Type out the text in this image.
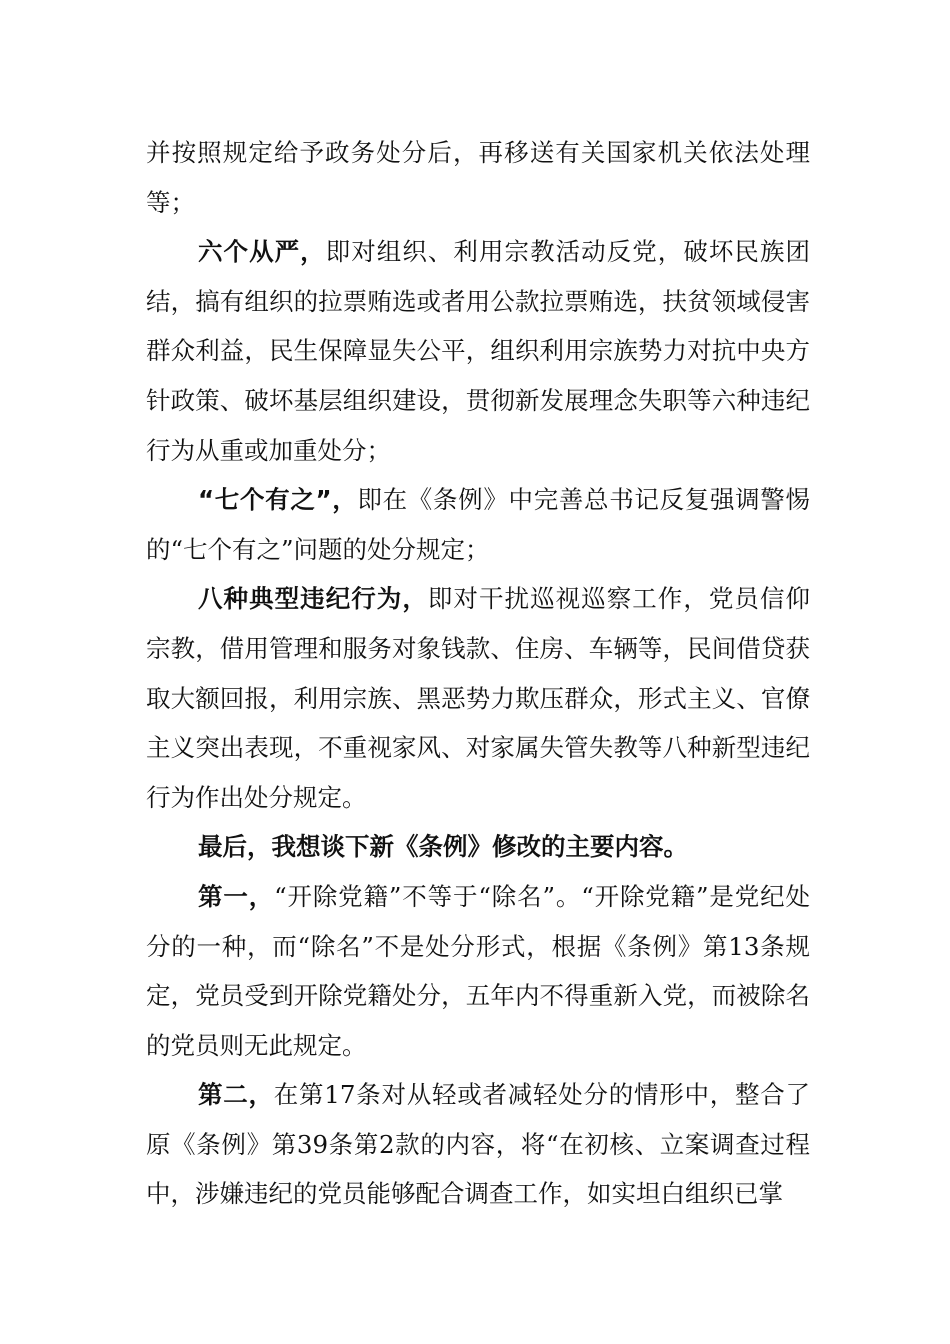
并按照规定给予政务处分后，再移送有关国家机关依法处理等；

六个从严，即对组织、利用宗教活动反党，破坏民族团结，搞有组织的拉票贿选或者用公款拉票贿选，扶贫领域侵害群众利益，民生保障显失公平，组织利用宗族势力对抗中央方针政策、破坏基层组织建设，贯彻新发展理念失职等六种违纪行为从重或加重处分；

“七个有之”，即在《条例》中完善总书记反复强调警惕的“七个有之”问题的处分规定；

八种典型违纪行为，即对干扰巡视巡察工作，党员信仰宗教，借用管理和服务对象钱款、住房、车辆等，民间借贷获取大额回报，利用宗族、黑恶势力欺压群众，形式主义、官僚主义突出表现，不重视家风、对家属失管失教等八种新型违纪行为作出处分规定。

最后，我想谈下新《条例》修改的主要内容。

第一，“开除党籍”不等于“除名”。“开除党籍”是党纪处分的一种，而“除名”不是处分形式，根据《条例》第13条规定，党员受到开除党籍处分，五年内不得重新入党，而被除名的党员则无此规定。

第二，在第17条对从轻或者减轻处分的情形中，整合了原《条例》第39条第2款的内容，将“在初核、立案调查过程中，涉嫌违纪的党员能够配合调查工作，如实坦白组织已掌
